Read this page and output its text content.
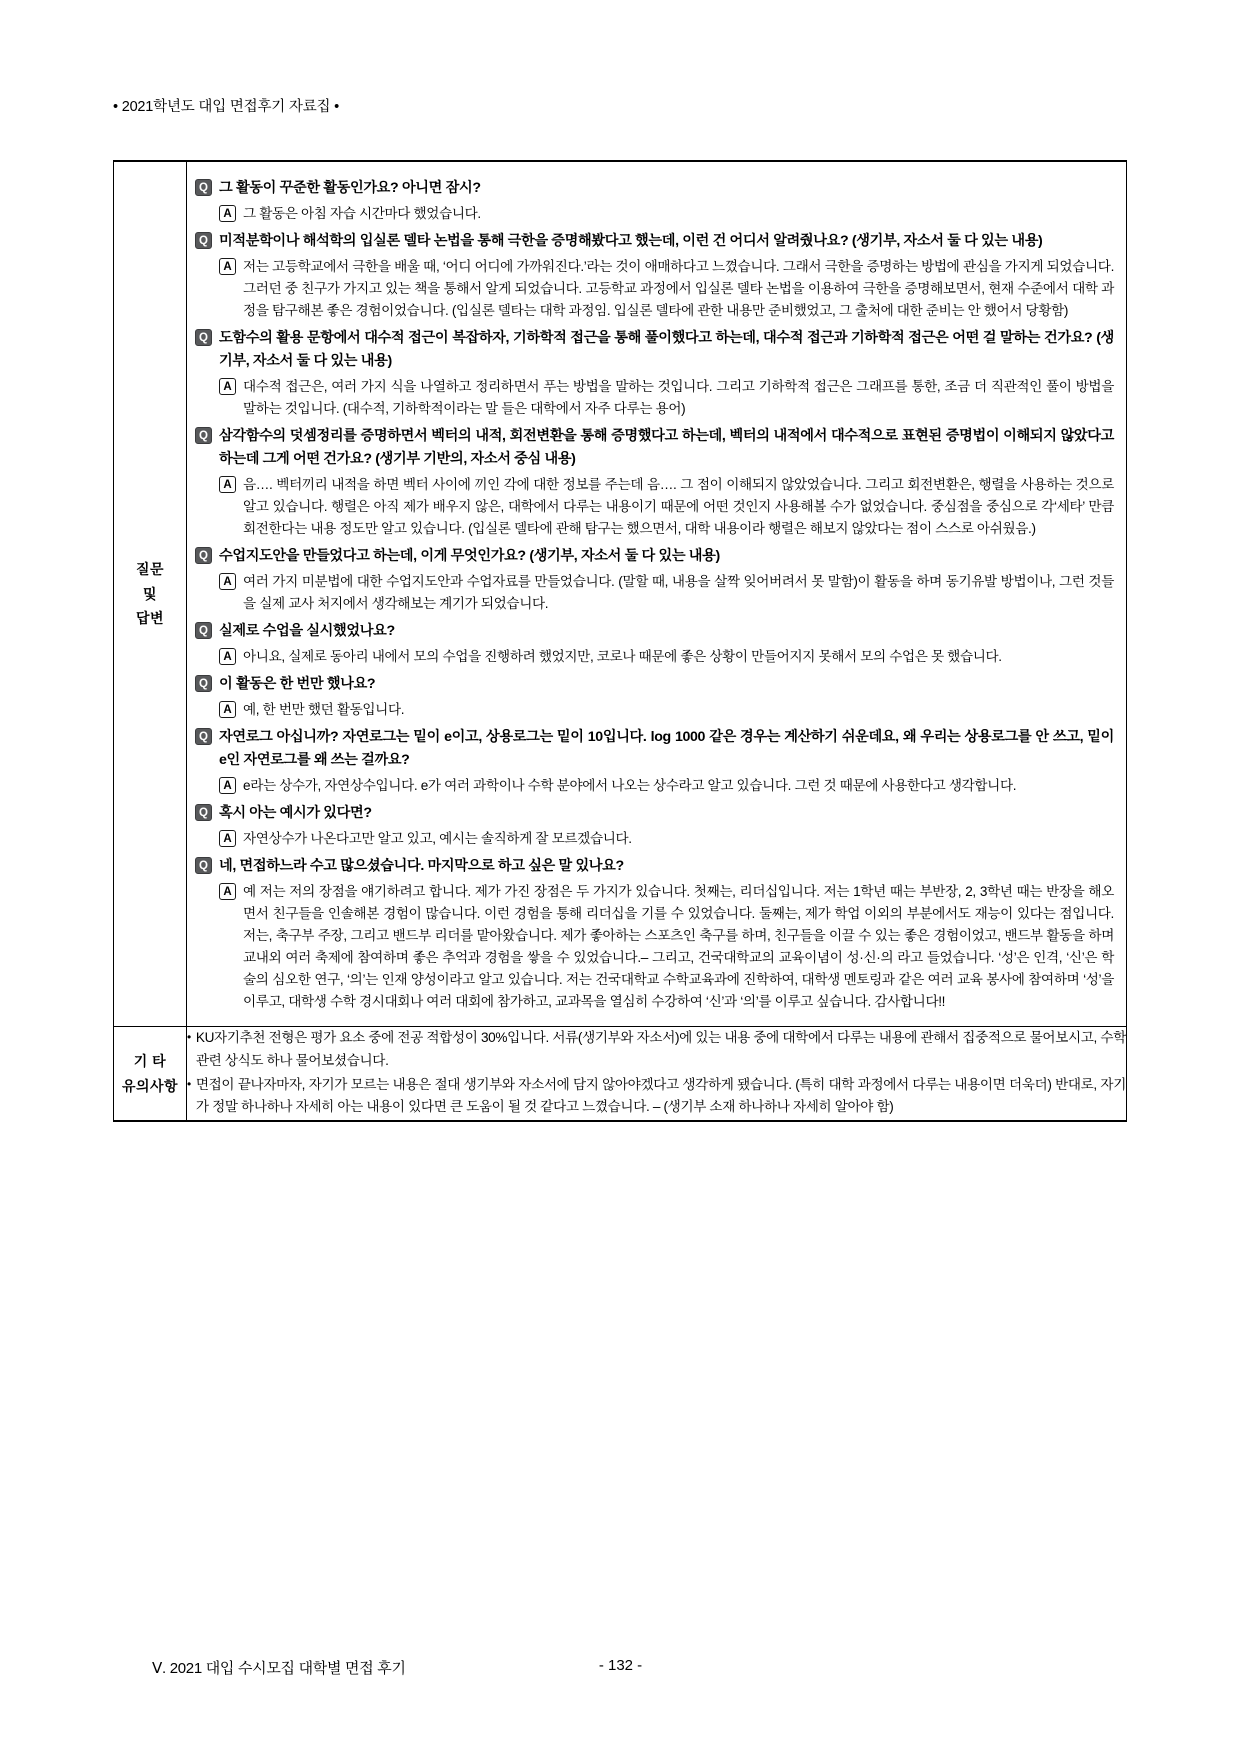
• 2021학년도 대입 면접후기 자료집 •
질문
및
답변

Q 그 활동이 꾸준한 활동인가요? 아니면 잠시?
A 그 활동은 아침 자습 시간마다 했었습니다.
Q 미적분학이나 해석학의 입실론 델타 논법을 통해 극한을 증명해봤다고 했는데, 이런 건 어디서 알려줬나요? (생기부, 자소서 둘 다 있는 내용)
A 저는 고등학교에서 극한을 배울 때, ‘어디 어디에 가까워진다.’라는 것이 애매하다고 느꼈습니다. 그래서 극한을 증명하는 방법에 관심을 가지게 되었습니다. 그러던 중 친구가 가지고 있는 책을 통해서 알게 되었습니다. 고등학교 과정에서 입실론 델타 논법을 이용하여 극한을 증명해보면서, 현재 수준에서 대학 과정을 탐구해본 좋은 경험이었습니다. (입실론 델타는 대학 과정임. 입실론 델타에 관한 내용만 준비했었고, 그 출처에 대한 준비는 안 했어서 당황함)
Q 도함수의 활용 문항에서 대수적 접근이 복잡하자, 기하학적 접근을 통해 풀이했다고 하는데, 대수적 접근과 기하학적 접근은 어떤 걸 말하는 건가요? (생기부, 자소서 둘 다 있는 내용)
A 대수적 접근은, 여러 가지 식을 나열하고 정리하면서 푸는 방법을 말하는 것입니다. 그리고 기하학적 접근은 그래프를 통한, 조금 더 직관적인 풀이 방법을 말하는 것입니다. (대수적, 기하학적이라는 말 들은 대학에서 자주 다루는 용어)
Q 삼각함수의 덧셈정리를 증명하면서 벡터의 내적, 회전변환을 통해 증명했다고 하는데, 벡터의 내적에서 대수적으로 표현된 증명법이 이해되지 않았다고 하는데 그게 어떤 건가요? (생기부 기반의, 자소서 중심 내용)
A 음…. 벡터끼리 내적을 하면 벡터 사이에 끼인 각에 대한 정보를 주는데 음…. 그 점이 이해되지 않았었습니다. 그리고 회전변환은, 행렬을 사용하는 것으로 알고 있습니다. 행렬은 아직 제가 배우지 않은, 대학에서 다루는 내용이기 때문에 어떤 것인지 사용해볼 수가 없었습니다. 중심점을 중심으로 각‘세타’ 만큼 회전한다는 내용 정도만 알고 있습니다. (입실론 델타에 관해 탐구는 했으면서, 대학 내용이라 행렬은 해보지 않았다는 점이 스스로 아쉬웠음.)
Q 수업지도안을 만들었다고 하는데, 이게 무엇인가요? (생기부, 자소서 둘 다 있는 내용)
A 여러 가지 미분법에 대한 수업지도안과 수업자료를 만들었습니다. (말할 때, 내용을 살짝 잊어버려서 못 말함)이 활동을 하며 동기유발 방법이나, 그런 것들을 실제 교사 처지에서 생각해보는 계기가 되었습니다.
Q 실제로 수업을 실시했었나요?
A 아니요, 실제로 동아리 내에서 모의 수업을 진행하려 했었지만, 코로나 때문에 좋은 상황이 만들어지지 못해서 모의 수업은 못 했습니다.
Q 이 활동은 한 번만 했나요?
A 예, 한 번만 했던 활동입니다.
Q 자연로그 아십니까? 자연로그는 밑이 e이고, 상용로그는 밑이 10입니다. log 1000 같은 경우는 계산하기 쉬운데요, 왜 우리는 상용로그를 안 쓰고, 밑이 e인 자연로그를 왜 쓰는 걸까요?
A e라는 상수가, 자연상수입니다. e가 여러 과학이나 수학 분야에서 나오는 상수라고 알고 있습니다. 그런 것 때문에 사용한다고 생각합니다.
Q 혹시 아는 예시가 있다면?
A 자연상수가 나온다고만 알고 있고, 예시는 솔직하게 잘 모르겠습니다.
Q 네, 면접하느라 수고 많으셨습니다. 마지막으로 하고 싶은 말 있나요?
A 예 저는 저의 장점을 얘기하려고 합니다. 제가 가진 장점은 두 가지가 있습니다. 첫째는, 리더십입니다. 저는 1학년 때는 부반장, 2, 3학년 때는 반장을 해오면서 친구들을 인솔해본 경험이 많습니다. 이런 경험을 통해 리더십을 기를 수 있었습니다. 둘째는, 제가 학업 이외의 부분에서도 재능이 있다는 점입니다. 저는, 축구부 주장, 그리고 밴드부 리더를 맡아왔습니다. 제가 좋아하는 스포츠인 축구를 하며, 친구들을 이끌 수 있는 좋은 경험이었고, 밴드부 활동을 하며 교내외 여러 축제에 참여하며 좋은 추억과 경험을 쌓을 수 있었습니다.‒ 그리고, 건국대학교의 교육이념이 성·신·의 라고 들었습니다. ‘성’은 인격, ‘신’은 학술의 심오한 연구, ‘의’는 인재 양성이라고 알고 있습니다. 저는 건국대학교 수학교육과에 진학하여, 대학생 멘토링과 같은 여러 교육 봉사에 참여하며 ‘성’을 이루고, 대학생 수학 경시대회나 여러 대회에 참가하고, 교과목을 열심히 수강하여 ‘신’과 ‘의’를 이루고 싶습니다. 감사합니다!!

기 타
유의사항

• KU자기추천 전형은 평가 요소 중에 전공 적합성이 30%입니다. 서류(생기부와 자소서)에 있는 내용 중에 대학에서 다루는 내용에 관해서 집중적으로 물어보시고, 수학 관련 상식도 하나 물어보셨습니다.
• 면접이 끝나자마자, 자기가 모르는 내용은 절대 생기부와 자소서에 담지 않아야겠다고 생각하게 됐습니다. (특히 대학 과정에서 다루는 내용이면 더욱더) 반대로, 자기가 정말 하나하나 자세히 아는 내용이 있다면 큰 도움이 될 것 같다고 느꼈습니다. ‒ (생기부 소재 하나하나 자세히 알아야 함)
Ⅴ. 2021 대입 수시모집 대학별 면접 후기	- 132 -
